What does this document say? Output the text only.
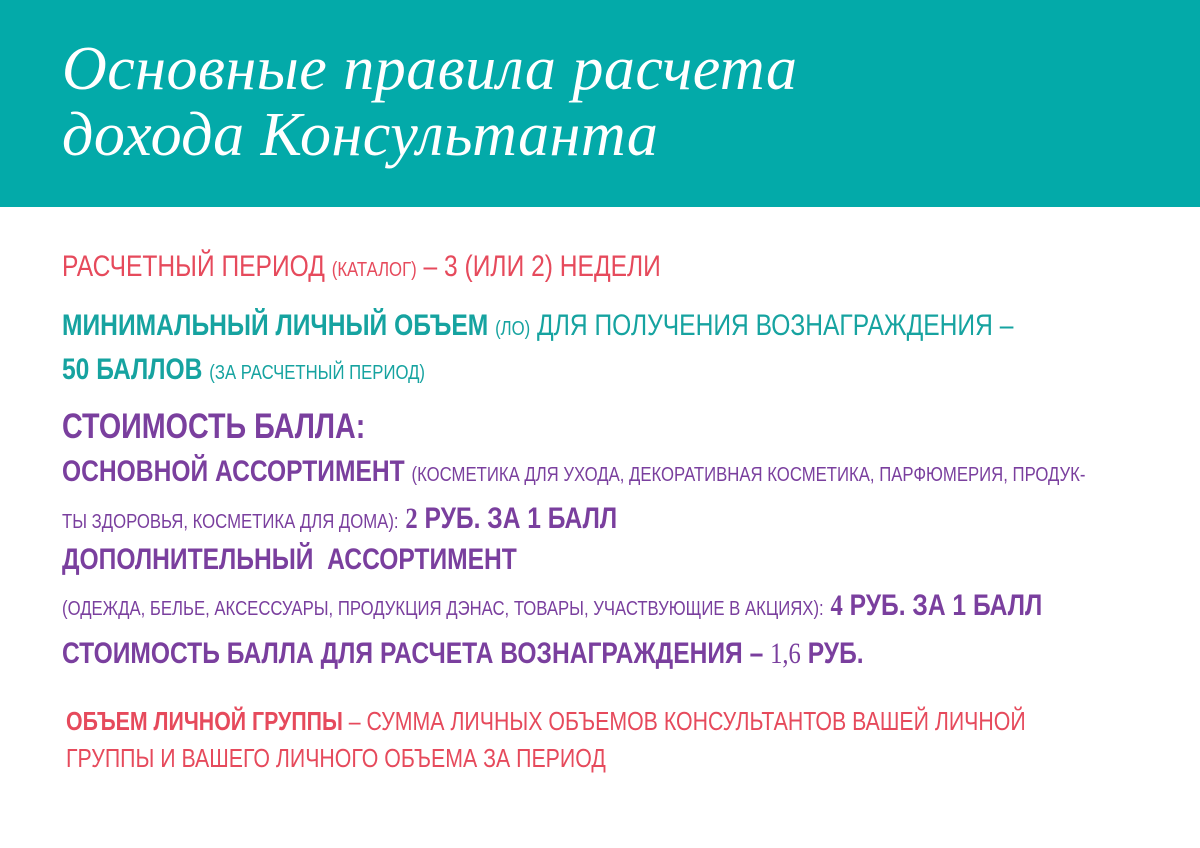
Основные правила расчета
дохода Консультанта
РАСЧЕТНЫЙ ПЕРИОД (КАТАЛОГ) – 3 (ИЛИ 2) НЕДЕЛИ
МИНИМАЛЬНЫЙ ЛИЧНЫЙ ОБЪЕМ (ЛО) ДЛЯ ПОЛУЧЕНИЯ ВОЗНАГРАЖДЕНИЯ –
50 БАЛЛОВ (ЗА РАСЧЕТНЫЙ ПЕРИОД)
СТОИМОСТЬ БАЛЛА:
ОСНОВНОЙ АССОРТИМЕНТ (КОСМЕТИКА ДЛЯ УХОДА, ДЕКОРАТИВНАЯ КОСМЕТИКА, ПАРФЮМЕРИЯ, ПРОДУК-
ТЫ ЗДОРОВЬЯ, КОСМЕТИКА ДЛЯ ДОМА): 2 РУБ. ЗА 1 БАЛЛ
ДОПОЛНИТЕЛЬНЫЙ  АССОРТИМЕНТ
(ОДЕЖДА, БЕЛЬЕ, АКСЕССУАРЫ, ПРОДУКЦИЯ ДЭНАС, ТОВАРЫ, УЧАСТВУЮЩИЕ В АКЦИЯХ): 4 РУБ. ЗА 1 БАЛЛ
СТОИМОСТЬ БАЛЛА ДЛЯ РАСЧЕТА ВОЗНАГРАЖДЕНИЯ – 1,6 РУБ.
ОБЪЕМ ЛИЧНОЙ ГРУППЫ – СУММА ЛИЧНЫХ ОБЪЕМОВ КОНСУЛЬТАНТОВ ВАШЕЙ ЛИЧНОЙ
ГРУППЫ И ВАШЕГО ЛИЧНОГО ОБЪЕМА ЗА ПЕРИОД
